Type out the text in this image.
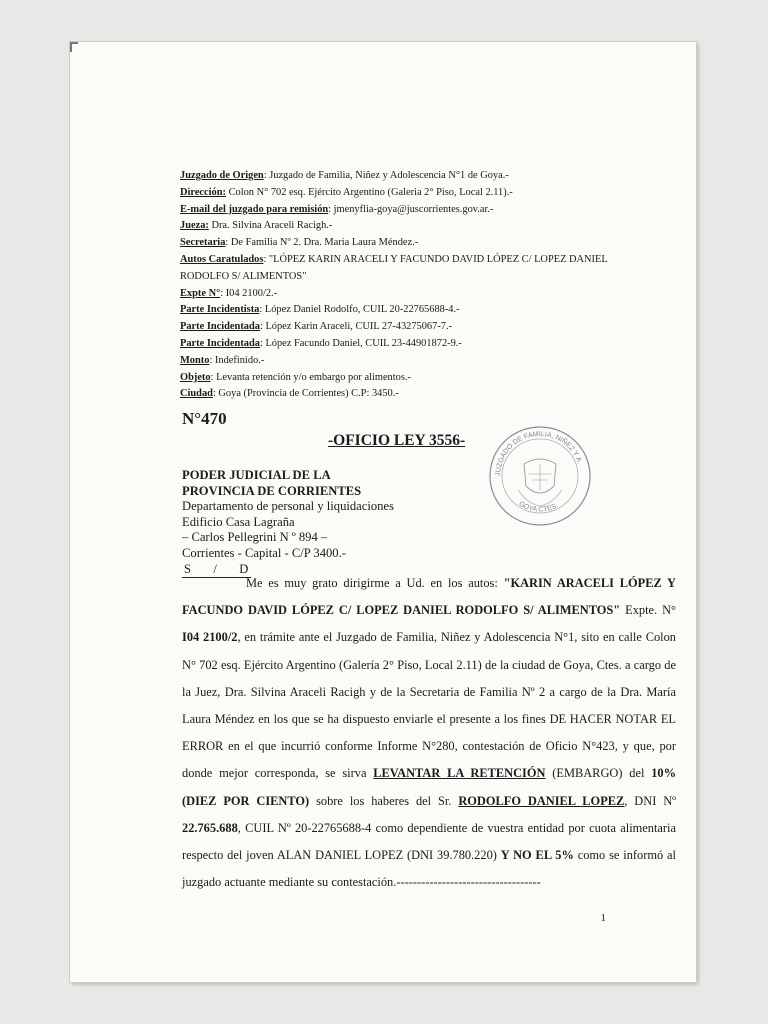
Juzgado de Origen: Juzgado de Familia, Niñez y Adolescencia N°1 de Goya.-
Dirección: Colon N° 702 esq. Ejército Argentino (Galeria 2° Piso, Local 2.11).-
E-mail del juzgado para remisión: jmenyflia-goya@juscorrientes.gov.ar.-
Jueza: Dra. Silvina Araceli Racigh.-
Secretaria: De Familia Nº 2. Dra. María Laura Méndez.-
Autos Caratulados: "LÓPEZ KARIN ARACELI Y FACUNDO DAVID LÓPEZ C/ LOPEZ DANIEL RODOLFO S/ ALIMENTOS"
Expte N°: I04 2100/2.-
Parte Incidentista: López Daniel Rodolfo, CUIL 20-22765688-4.-
Parte Incidentada: López Karin Araceli, CUIL 27-43275067-7.-
Parte Incidentada: López Facundo Daniel, CUIL 23-44901872-9.-
Monto: Indefinido.-
Objeto: Levanta retención y/o embargo por alimentos.-
Ciudad: Goya (Provincia de Corrientes) C.P: 3450.-
N°470
-OFICIO LEY 3556-
JUZGADO DE FAMILIA, NIÑEZ Y A.
GOYA CTES.
PODER JUDICIAL DE LA
PROVINCIA DE CORRIENTES
Departamento de personal y liquidaciones
Edificio Casa Lagraña
– Carlos Pellegrini N º 894 –
Corrientes - Capital - C/P 3400.-
S      /      D
Me es muy grato dirigirme a Ud. en los autos: "KARIN ARACELI LÓPEZ Y FACUNDO DAVID LÓPEZ C/ LOPEZ DANIEL RODOLFO S/ ALIMENTOS" Expte. N° I04 2100/2, en trámite ante el Juzgado de Familia, Niñez y Adolescencia N°1, sito en calle Colon N° 702 esq. Ejército Argentino (Galería 2° Piso, Local 2.11) de la ciudad de Goya, Ctes. a cargo de la Juez, Dra. Silvina Araceli Racigh y de la Secretaria de Familia Nº 2 a cargo de la Dra. María Laura Méndez en los que se ha dispuesto enviarle el presente a los fines DE HACER NOTAR EL ERROR en el que incurrió conforme Informe N°280, contestación de Oficio N°423, y que, por donde mejor corresponda, se sirva LEVANTAR LA RETENCIÓN (EMBARGO) del 10% (DIEZ POR CIENTO) sobre los haberes del Sr. RODOLFO DANIEL LOPEZ, DNI Nº 22.765.688, CUIL Nº 20-22765688-4 como dependiente de vuestra entidad por cuota alimentaria respecto del joven ALAN DANIEL LOPEZ (DNI 39.780.220) Y NO EL 5% como se informó al juzgado actuante mediante su contestación.-----------------------------------
1
